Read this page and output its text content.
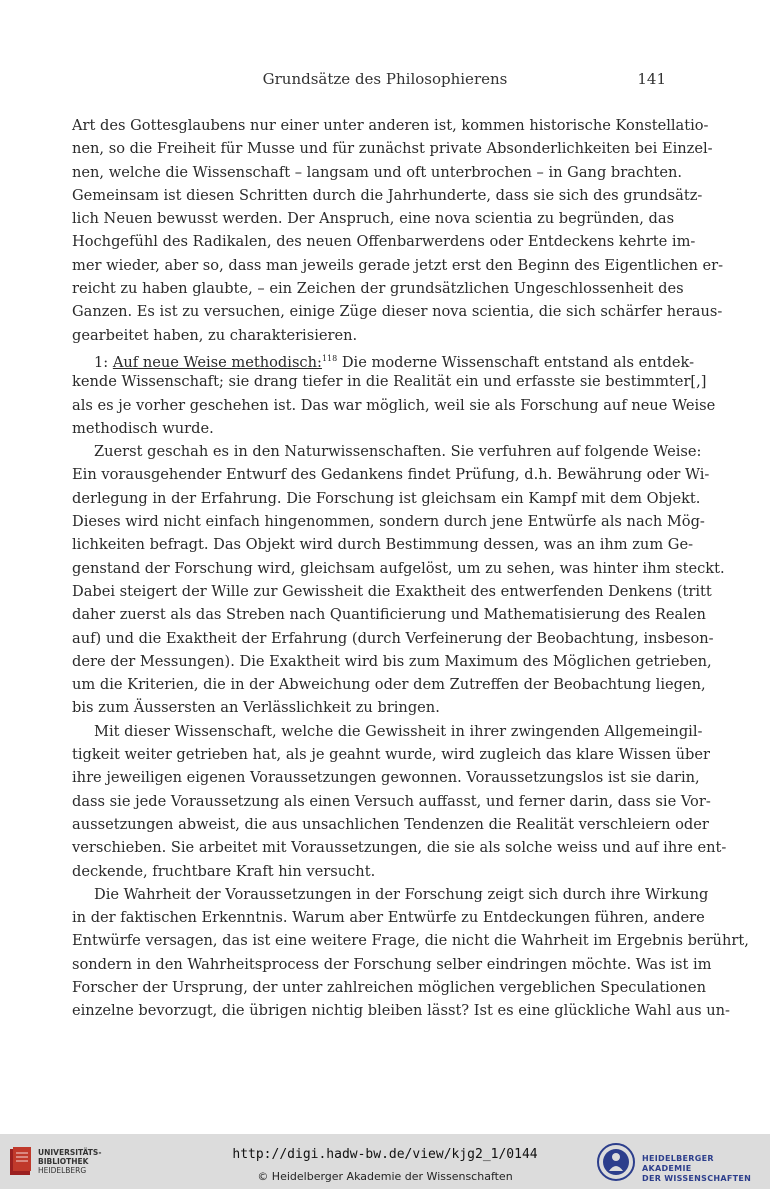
Grundsätze des Philosophierens	141
Art des Gottesglaubens nur einer unter anderen ist, kommen historische Konstellatio-
nen, so die Freiheit für Musse und für zunächst private Absonderlichkeiten bei Einzel-
nen, welche die Wissenschaft – langsam und oft unterbrochen – in Gang brachten.
Gemeinsam ist diesen Schritten durch die Jahrhunderte, dass sie sich des grundsätz-
lich Neuen bewusst werden. Der Anspruch, eine nova scientia zu begründen, das
Hochgefühl des Radikalen, des neuen Offenbarwerdens oder Entdeckens kehrte im-
mer wieder, aber so, dass man jeweils gerade jetzt erst den Beginn des Eigentlichen er-
reicht zu haben glaubte, – ein Zeichen der grundsätzlichen Ungeschlossenheit des
Ganzen. Es ist zu versuchen, einige Züge dieser nova scientia, die sich schärfer heraus-
gearbeitet haben, zu charakterisieren.
1: Auf neue Weise methodisch:$^{118}$ Die moderne Wissenschaft entstand als entdek-
kende Wissenschaft; sie drang tiefer in die Realität ein und erfasste sie bestimmter[,]
als es je vorher geschehen ist. Das war möglich, weil sie als Forschung auf neue Weise
methodisch wurde.
Zuerst geschah es in den Naturwissenschaften. Sie verfuhren auf folgende Weise:
Ein vorausgehender Entwurf des Gedankens findet Prüfung, d.h. Bewährung oder Wi-
derlegung in der Erfahrung. Die Forschung ist gleichsam ein Kampf mit dem Objekt.
Dieses wird nicht einfach hingenommen, sondern durch jene Entwürfe als nach Mög-
lichkeiten befragt. Das Objekt wird durch Bestimmung dessen, was an ihm zum Ge-
genstand der Forschung wird, gleichsam aufgelöst, um zu sehen, was hinter ihm steckt.
Dabei steigert der Wille zur Gewissheit die Exaktheit des entwerfenden Denkens (tritt
daher zuerst als das Streben nach Quantificierung und Mathematisierung des Realen
auf) und die Exaktheit der Erfahrung (durch Verfeinerung der Beobachtung, insbeson-
dere der Messungen). Die Exaktheit wird bis zum Maximum des Möglichen getrieben,
um die Kriterien, die in der Abweichung oder dem Zutreffen der Beobachtung liegen,
bis zum Äussersten an Verlässlichkeit zu bringen.
Mit dieser Wissenschaft, welche die Gewissheit in ihrer zwingenden Allgemeingil-
tigkeit weiter getrieben hat, als je geahnt wurde, wird zugleich das klare Wissen über
ihre jeweiligen eigenen Voraussetzungen gewonnen. Voraussetzungslos ist sie darin,
dass sie jede Voraussetzung als einen Versuch auffasst, und ferner darin, dass sie Vor-
aussetzungen abweist, die aus unsachlichen Tendenzen die Realität verschleiern oder
verschieben. Sie arbeitet mit Voraussetzungen, die sie als solche weiss und auf ihre ent-
deckende, fruchtbare Kraft hin versucht.
Die Wahrheit der Voraussetzungen in der Forschung zeigt sich durch ihre Wirkung
in der faktischen Erkenntnis. Warum aber Entwürfe zu Entdeckungen führen, andere
Entwürfe versagen, das ist eine weitere Frage, die nicht die Wahrheit im Ergebnis berührt,
sondern in den Wahrheitsprocess der Forschung selber eindringen möchte. Was ist im
Forscher der Ursprung, der unter zahlreichen möglichen vergeblichen Speculationen
einzelne bevorzugt, die übrigen nichtig bleiben lässt? Ist es eine glückliche Wahl aus un-
UNIVERSITÄTS-
BIBLIOTHEK
HEIDELBERG
http://digi.hadw-bw.de/view/kjg2_1/0144
© Heidelberger Akademie der Wissenschaften
HEIDELBERGER AKADEMIE
DER WISSENSCHAFTEN
